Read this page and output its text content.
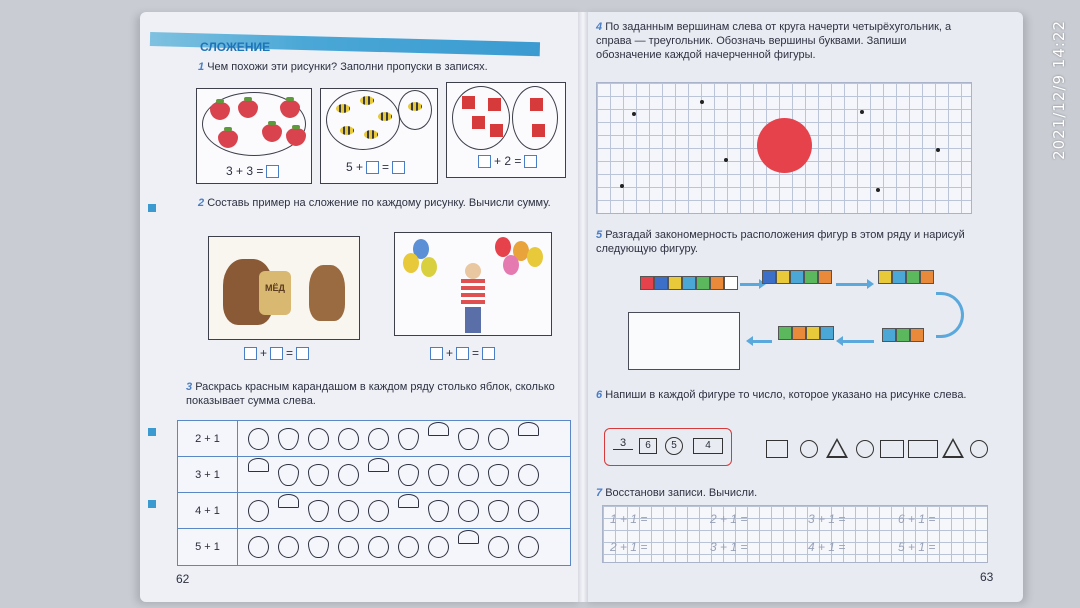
СЛОЖЕНИЕ
1 Чем похожи эти рисунки? Заполни пропуски в записях.
3 + 3 =	5 + =	+ 2 =
2 Составь пример на сложение по каждому рисунку. Вычисли сумму.
МЁД
+ =	+ =
3 Раскрась красным карандашом в каждом ряду столько яблок, сколько показывает сумма слева.
2 + 1
3 + 1
4 + 1
5 + 1
62
4 По заданным вершинам слева от круга начерти четырёхугольник, а справа — треугольник. Обозначь вершины буквами. Запиши обозначение каждой начерченной фигуры.
5 Разгадай закономерность расположения фигур в этом ряду и нарисуй следующую фигуру.
6 Напиши в каждой фигуре то число, которое указано на рисунке слева.
3	6	5	4
7 Восстанови записи. Вычисли.
1 + 1 =	2 + 1 =	3 + 1 =	6 + 1 =
2 + 1 =	3 + 1 =	4 + 1 =	5 + 1 =
63
2021/12/9 14:22
